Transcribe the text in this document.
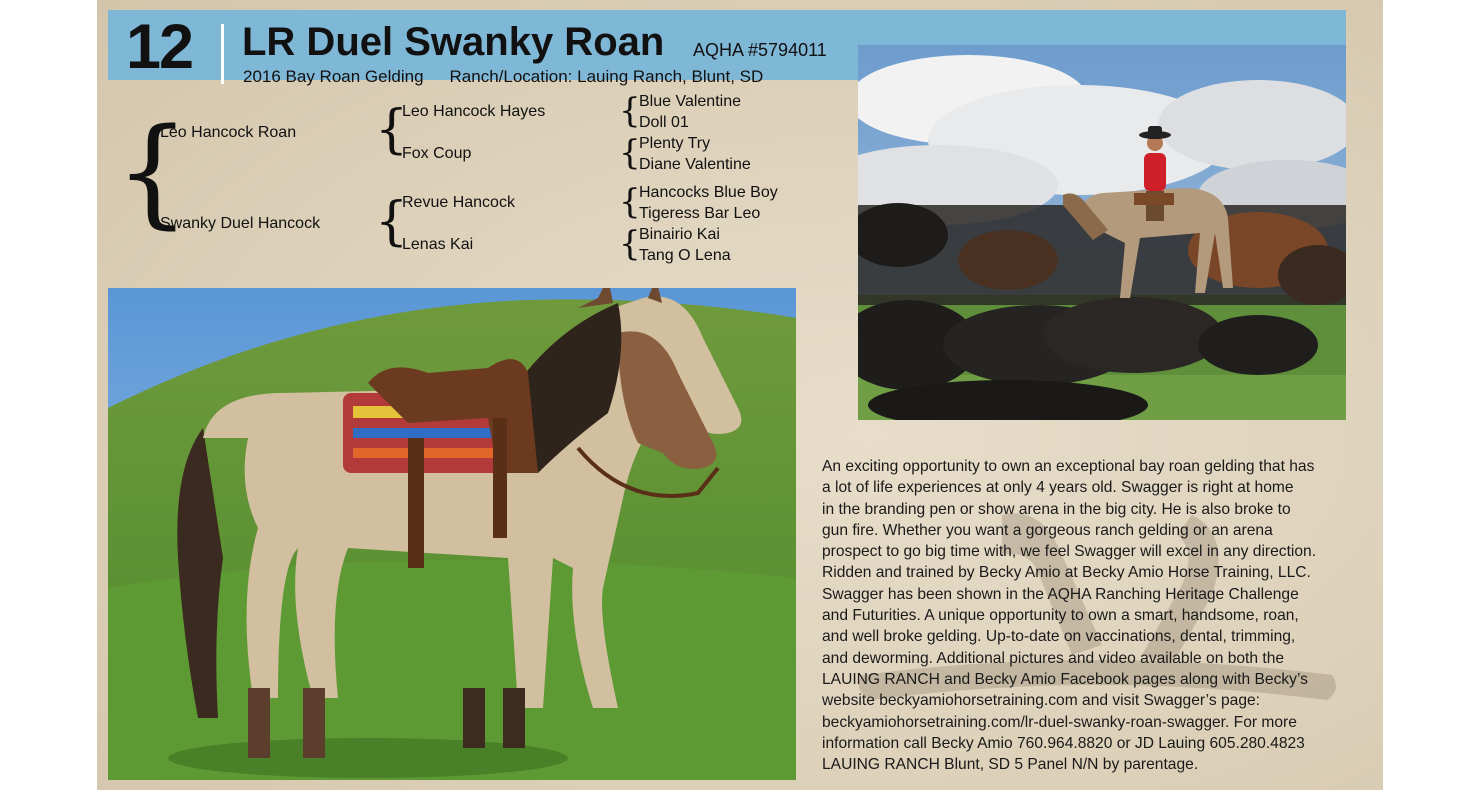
12 LR Duel Swanky Roan AQHA #5794011
2016 Bay Roan Gelding Ranch/Location: Lauing Ranch, Blunt, SD
{
Leo Hancock Roan
Swanky Duel Hancock
{
Leo Hancock Hayes
Fox Coup
{
Revue Hancock
Lenas Kai
{
Blue Valentine
Doll 01
{
Plenty Try
Diane Valentine
{
Hancocks Blue Boy
Tigeress Bar Leo
{
Binairio Kai
Tang O Lena
An exciting opportunity to own an exceptional bay roan gelding that has
a lot of life experiences at only 4 years old. Swagger is right at home
in the branding pen or show arena in the big city. He is also broke to
gun fire. Whether you want a gorgeous ranch gelding or an arena
prospect to go big time with, we feel Swagger will excel in any direction.
Ridden and trained by Becky Amio at Becky Amio Horse Training, LLC.
Swagger has been shown in the AQHA Ranching Heritage Challenge
and Futurities. A unique opportunity to own a smart, handsome, roan,
and well broke gelding. Up-to-date on vaccinations, dental, trimming,
and deworming. Additional pictures and video available on both the
LAUING RANCH and Becky Amio Facebook pages along with Becky’s
website beckyamiohorsetraining.com and visit Swagger’s page:
beckyamiohorsetraining.com/lr-duel-swanky-roan-swagger. For more
information call Becky Amio 760.964.8820 or JD Lauing 605.280.4823
LAUING RANCH Blunt, SD 5 Panel N/N by parentage.
